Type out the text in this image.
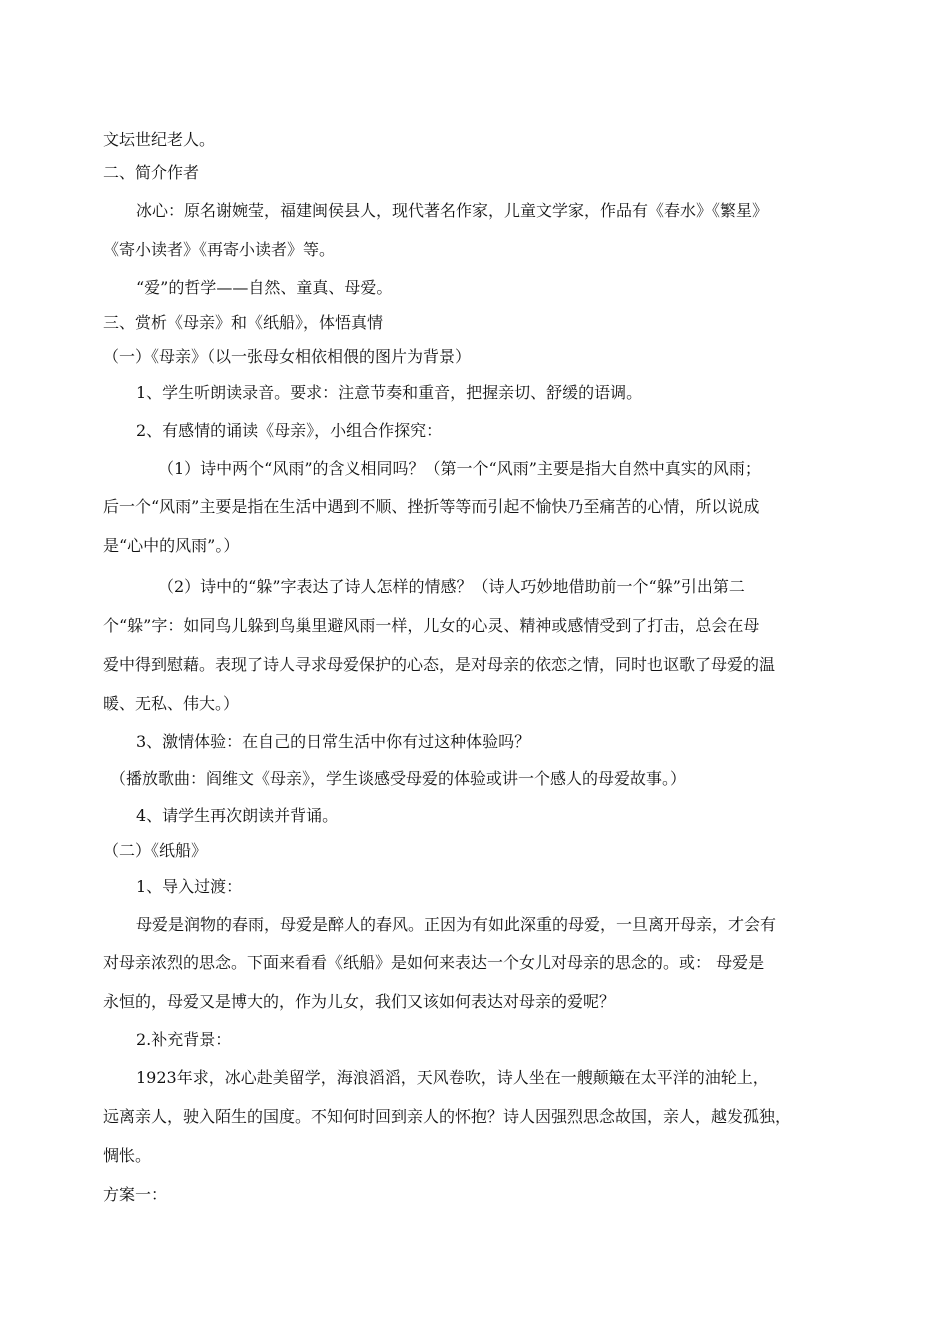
文坛世纪老人。

二、简介作者

冰心：原名谢婉莹，福建闽侯县人，现代著名作家，儿童文学家，作品有《春水》《繁星》

《寄小读者》《再寄小读者》等。

“爱”的哲学——自然、童真、母爱。

三、赏析《母亲》和《纸船》，体悟真情

（一）《母亲》（以一张母女相依相偎的图片为背景）

1、学生听朗读录音。要求：注意节奏和重音，把握亲切、舒缓的语调。

2、有感情的诵读《母亲》，小组合作探究：

（1）诗中两个“风雨”的含义相同吗？（第一个“风雨”主要是指大自然中真实的风雨；

后一个“风雨”主要是指在生活中遇到不顺、挫折等等而引起不愉快乃至痛苦的心情，所以说成

是“心中的风雨”。）

（2）诗中的“躲”字表达了诗人怎样的情感？（诗人巧妙地借助前一个“躲”引出第二

个“躲”字：如同鸟儿躲到鸟巢里避风雨一样，儿女的心灵、精神或感情受到了打击，总会在母

爱中得到慰藉。表现了诗人寻求母爱保护的心态，是对母亲的依恋之情，同时也讴歌了母爱的温

暖、无私、伟大。）

3、激情体验：在自己的日常生活中你有过这种体验吗？

（播放歌曲：阎维文《母亲》，学生谈感受母爱的体验或讲一个感人的母爱故事。）

4、请学生再次朗读并背诵。

（二）《纸船》

1、导入过渡：

母爱是润物的春雨，母爱是醉人的春风。正因为有如此深重的母爱，一旦离开母亲，才会有

对母亲浓烈的思念。下面来看看《纸船》是如何来表达一个女儿对母亲的思念的。或： 母爱是

永恒的，母爱又是博大的，作为儿女，我们又该如何表达对母亲的爱呢？

2.补充背景：

1923年求，冰心赴美留学，海浪滔滔，天风卷吹，诗人坐在一艘颠簸在太平洋的油轮上，

远离亲人，驶入陌生的国度。不知何时回到亲人的怀抱？诗人因强烈思念故国，亲人，越发孤独，

惆怅。

方案一：
